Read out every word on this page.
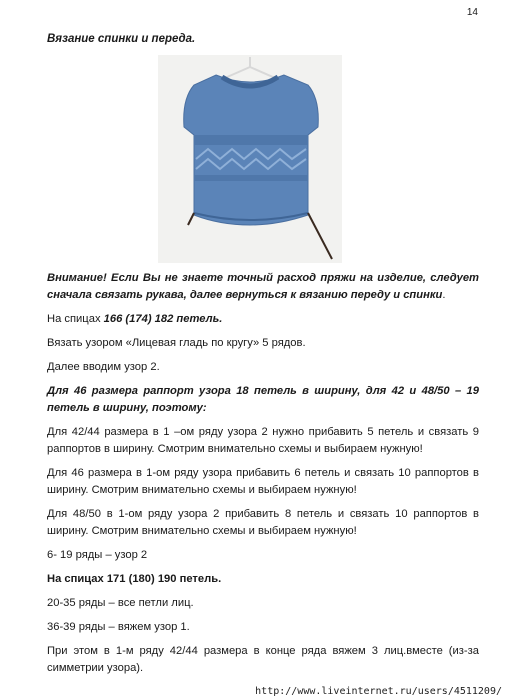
14
Вязание спинки и переда.

Внимание! Если Вы не знаете точный расход пряжи на изделие, следует сначала связать рукава, далее вернуться к вязанию переду и спинки.

На спицах 166 (174) 182 петель.

Вязать узором «Лицевая гладь по кругу» 5 рядов.

Далее вводим узор 2.

Для 46 размера раппорт узора 18 петель в ширину, для 42 и 48/50 – 19 петель в ширину, поэтому:

Для 42/44 размера в 1 –ом ряду узора 2 нужно прибавить 5 петель и связать 9 раппортов в ширину. Смотрим внимательно схемы и выбираем нужную!

Для 46 размера в 1-ом ряду узора прибавить 6 петель и связать 10 раппортов в ширину. Смотрим внимательно схемы и выбираем нужную!

Для 48/50 в 1-ом ряду узора 2 прибавить 8 петель и связать 10 раппортов в ширину. Смотрим внимательно схемы и выбираем нужную!

6- 19 ряды – узор 2

На спицах 171 (180) 190 петель.

20-35 ряды – все петли лиц.

36-39 ряды – вяжем узор 1.

При этом в 1-м ряду 42/44 размера в конце ряда вяжем 3 лиц.вместе (из-за симметрии узора).

http://www.liveinternet.ru/users/4511209/
